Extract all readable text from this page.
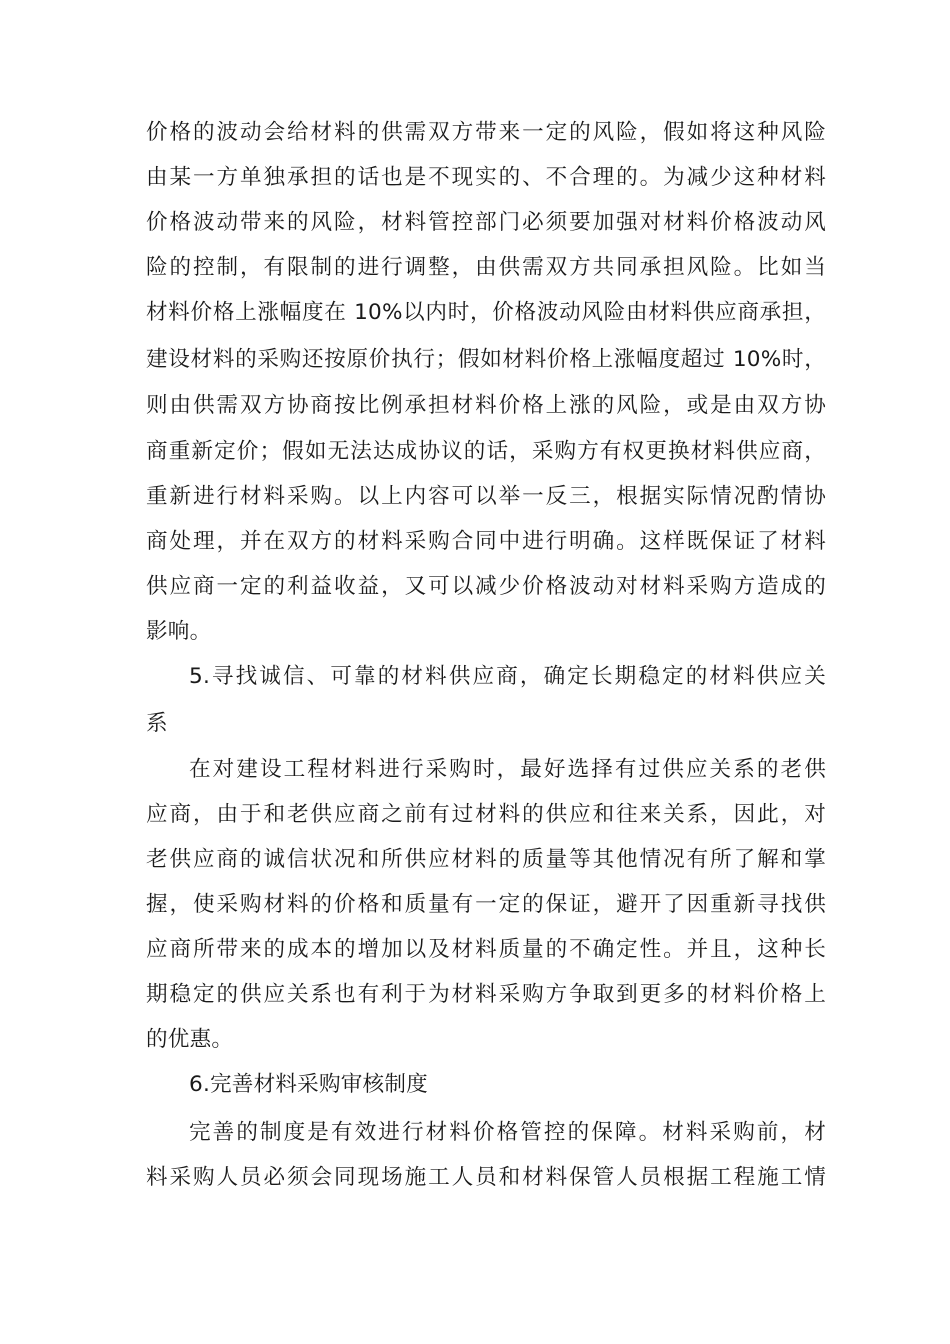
价格的波动会给材料的供需双方带来一定的风险，假如将这种风险
由某一方单独承担的话也是不现实的、不合理的。为减少这种材料
价格波动带来的风险，材料管控部门必须要加强对材料价格波动风
险的控制，有限制的进行调整，由供需双方共同承担风险。比如当
材料价格上涨幅度在 10%以内时，价格波动风险由材料供应商承担，
建设材料的采购还按原价执行；假如材料价格上涨幅度超过 10%时，
则由供需双方协商按比例承担材料价格上涨的风险，或是由双方协
商重新定价；假如无法达成协议的话，采购方有权更换材料供应商，
重新进行材料采购。以上内容可以举一反三，根据实际情况酌情协
商处理，并在双方的材料采购合同中进行明确。这样既保证了材料
供应商一定的利益收益，又可以减少价格波动对材料采购方造成的
影响。
5.寻找诚信、可靠的材料供应商，确定长期稳定的材料供应关
系
在对建设工程材料进行采购时，最好选择有过供应关系的老供
应商，由于和老供应商之前有过材料的供应和往来关系，因此，对
老供应商的诚信状况和所供应材料的质量等其他情况有所了解和掌
握，使采购材料的价格和质量有一定的保证，避开了因重新寻找供
应商所带来的成本的增加以及材料质量的不确定性。并且，这种长
期稳定的供应关系也有利于为材料采购方争取到更多的材料价格上
的优惠。
6.完善材料采购审核制度
完善的制度是有效进行材料价格管控的保障。材料采购前，材
料采购人员必须会同现场施工人员和材料保管人员根据工程施工情
